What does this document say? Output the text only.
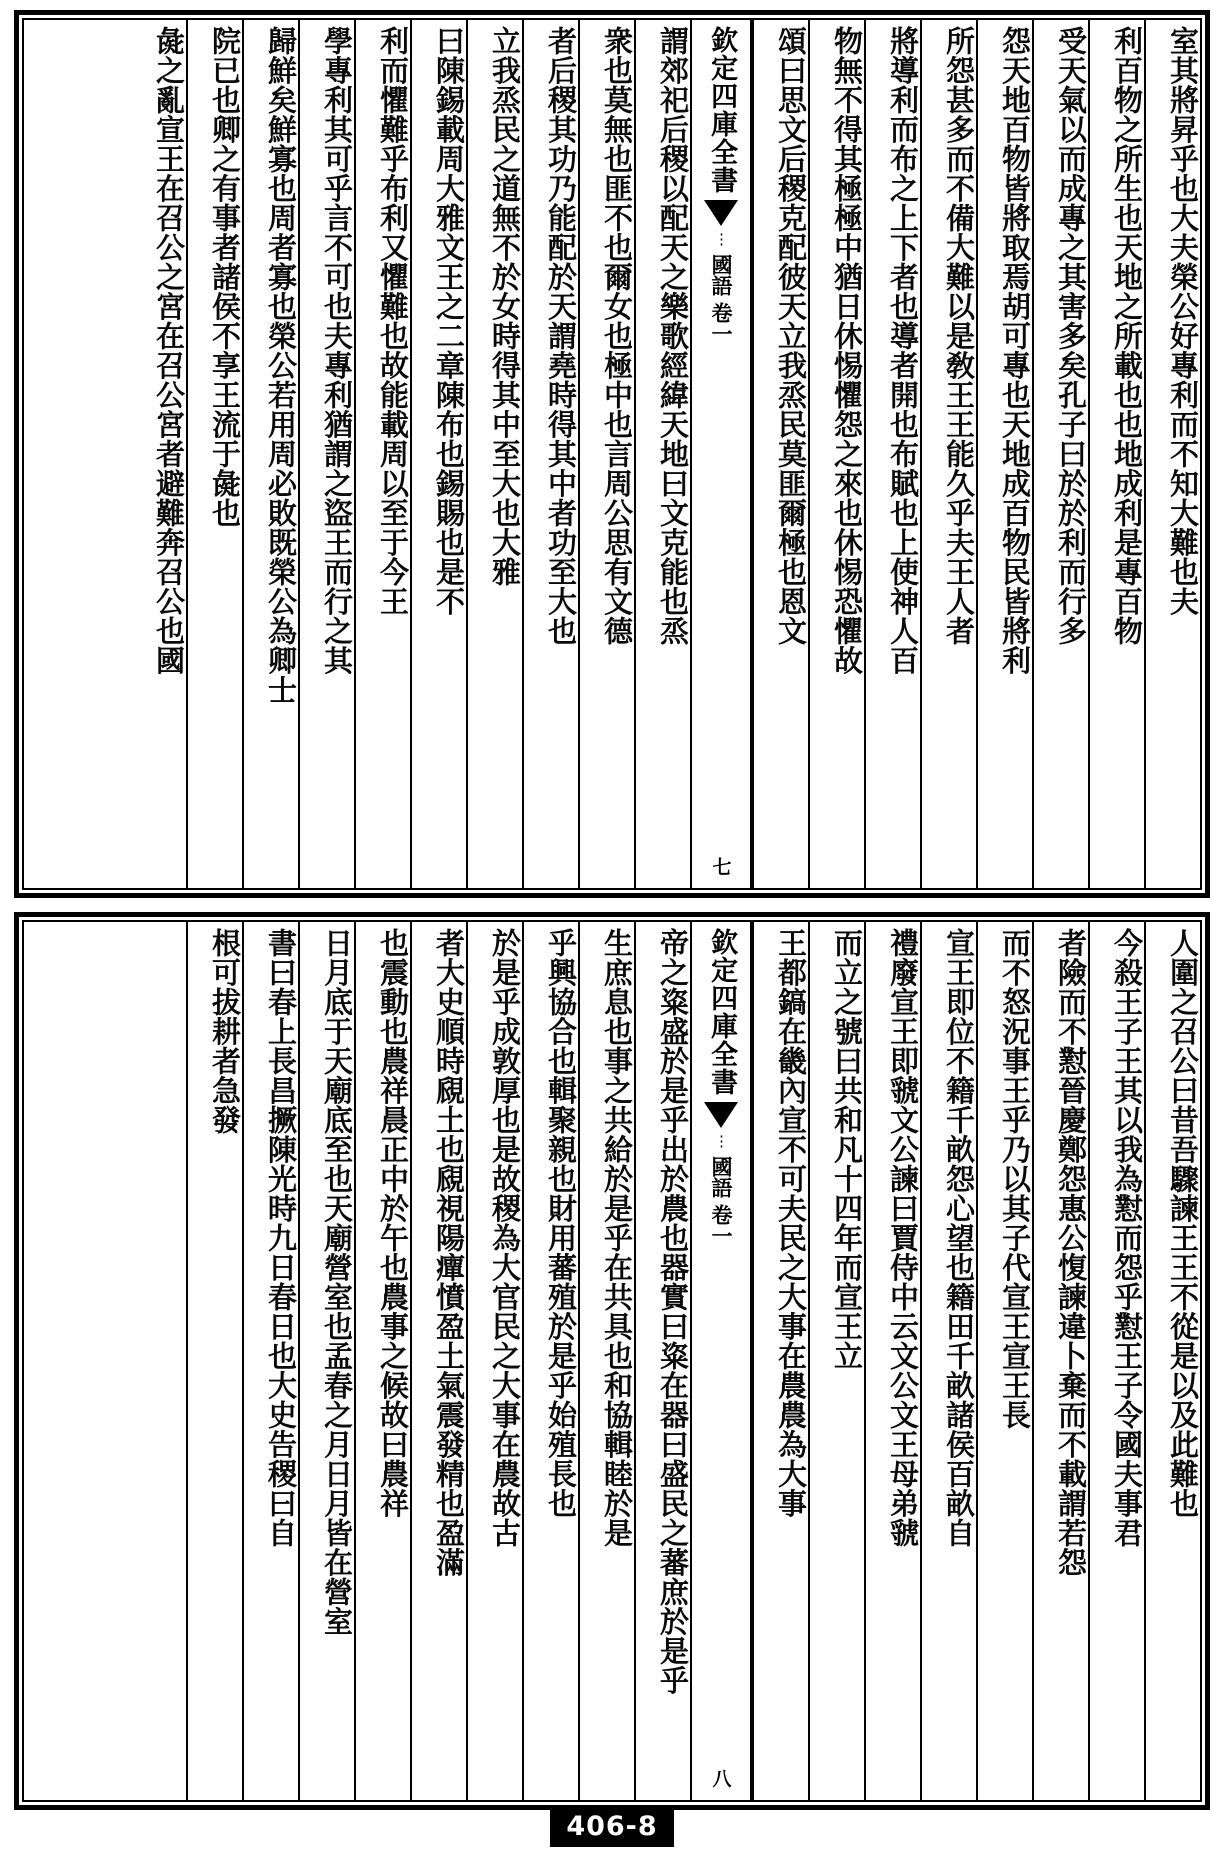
室其將昇乎也大夫榮公好專利而不知大難也夫
利百物之所生也天地之所載也也地成利是專百物
受天氣以而成專之其害多矣孔子曰於於利而行多
怨天地百物皆將取焉胡可專也天地成百物民皆將利
所怨甚多而不備大難以是敎王王能久乎夫王人者
將導利而布之上下者也導者開也布賦也上使神人百
物無不得其極極中猶日休惕懼怨之來也休惕恐懼故
頌曰思文后稷克配彼天立我烝民莫匪爾極也恩文
欽定四庫全書
⋮
國語
卷一
七
謂郊祀后稷以配天之樂歌經緯天地曰文克能也烝
衆也莫無也匪不也爾女也極中也言周公思有文德
者后稷其功乃能配於天謂堯時得其中者功至大也
立我烝民之道無不於女時得其中至大也大雅
曰陳錫載周大雅文王之二章陳布也錫賜也是不
利而懼難乎布利又懼難也故能載周以至于今王
學專利其可乎言不可也夫專利猶謂之盜王而行之其
歸鮮矣鮮寡也周者寡也榮公若用周必敗既榮公為卿士
院已也卿之有事者諸侯不享王流于彘也
彘之亂宣王在召公之宮在召公宮者避難奔召公也國
人圍之召公曰昔吾驟諫王王不從是以及此難也
今殺王子王其以我為懟而怨乎懟王子令國夫事君
者險而不懟晉慶鄭怨惠公愎諫違卜棄而不載謂若怨
而不怒況事王乎乃以其子代宣王宣王長
宣王即位不籍千畝怨心望也籍田千畝諸侯百畝自
禮廢宣王即虢文公諫曰賈侍中云文公文王母弟虢
而立之號曰共和凡十四年而宣王立
王都鎬在畿內宣不可夫民之大事在農農為大事
欽定四庫全書
⋮
國語
卷一
八
帝之粢盛於是乎出於農也器實曰粢在器曰盛民之蕃庶於是乎
生庶息也事之共給於是乎在共具也和協輯睦於是
乎興協合也輯聚親也財用蕃殖於是乎始殖長也
於是乎成敦厚也是故稷為大官民之大事在農故古
者大史順時覛土也覛視陽癉憤盈土氣震發精也盈滿
也震動也農祥晨正中於午也農事之候故曰農祥
日月底于天廟底至也天廟營室也孟春之月日月皆在營室
書曰春上長昌撅陳光時九日春日也大史告稷曰自
根可拔耕者急發
406-8
